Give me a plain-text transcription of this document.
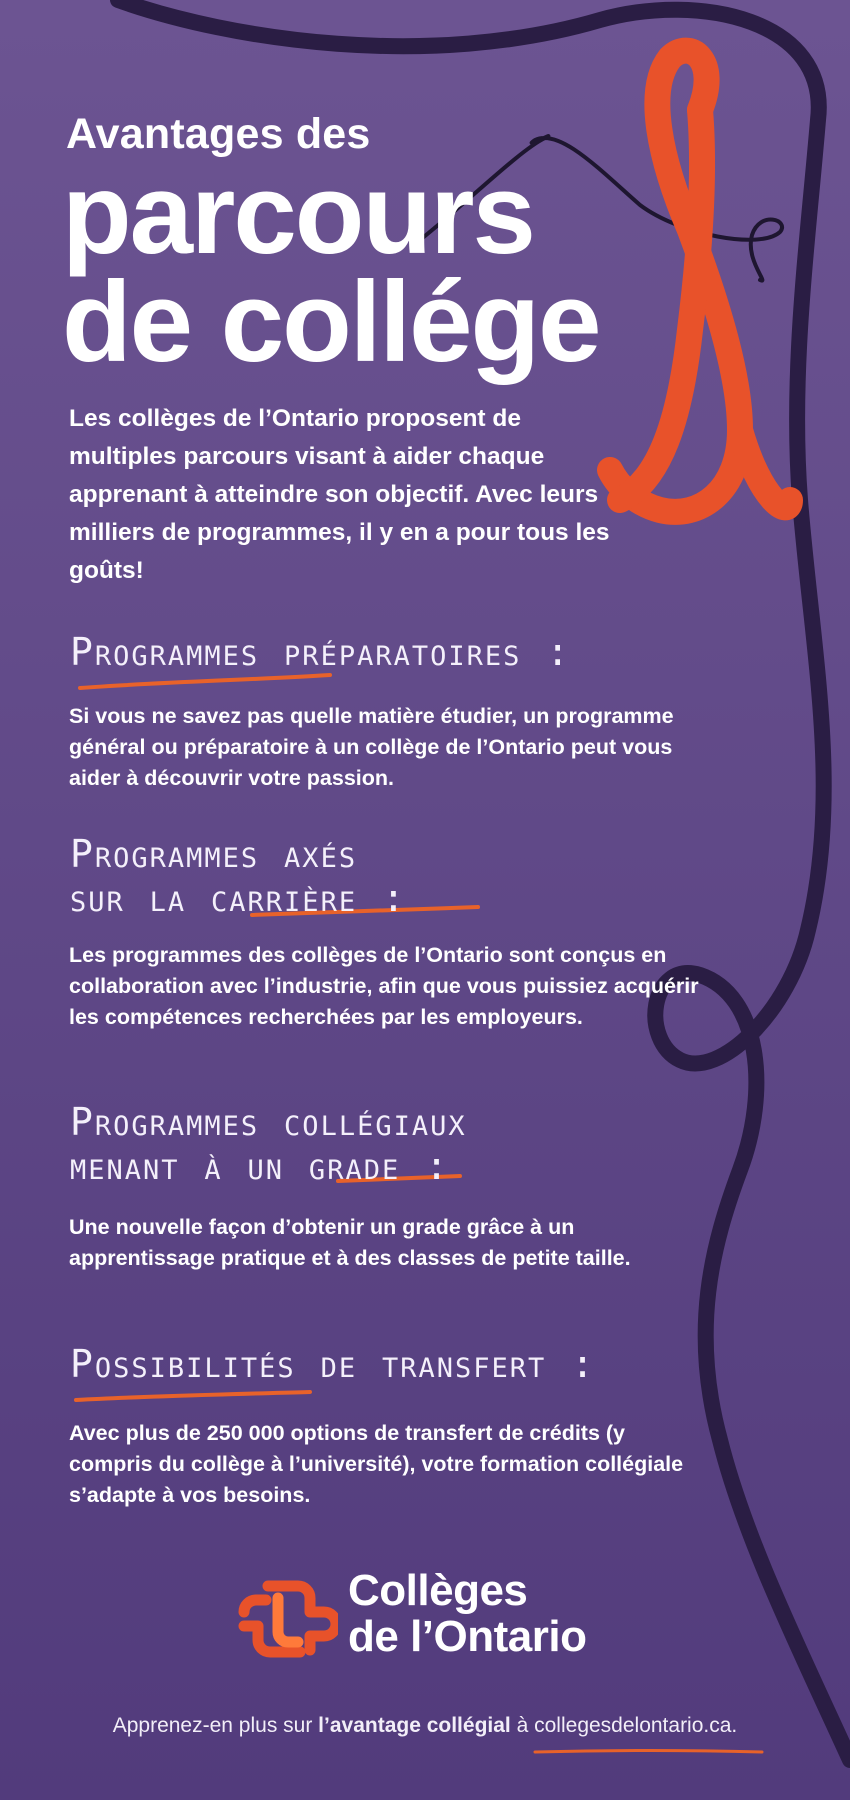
Avantages des
parcours
de collége
Les collèges de l’Ontario proposent de multiples parcours visant à aider chaque apprenant à atteindre son objectif. Avec leurs milliers de programmes, il y en a pour tous les goûts!
Programmes préparatoires :
Si vous ne savez pas quelle matière étudier, un programme général ou préparatoire à un collège de l’Ontario peut vous aider à découvrir votre passion.
Programmes axés
sur la carrière :
Les programmes des collèges de l’Ontario sont conçus en collaboration avec l’industrie, afin que vous puissiez acquérir les compétences recherchées par les employeurs.
Programmes collégiaux
menant à un grade :
Une nouvelle façon d’obtenir un grade grâce à un apprentissage pratique et à des classes de petite taille.
Possibilités de transfert :
Avec plus de 250 000 options de transfert de crédits (y compris du collège à l’université), votre formation collégiale s’adapte à vos besoins.
Collèges
de l’Ontario
Apprenez-en plus sur l’avantage collégial à collegesdelontario.ca.
